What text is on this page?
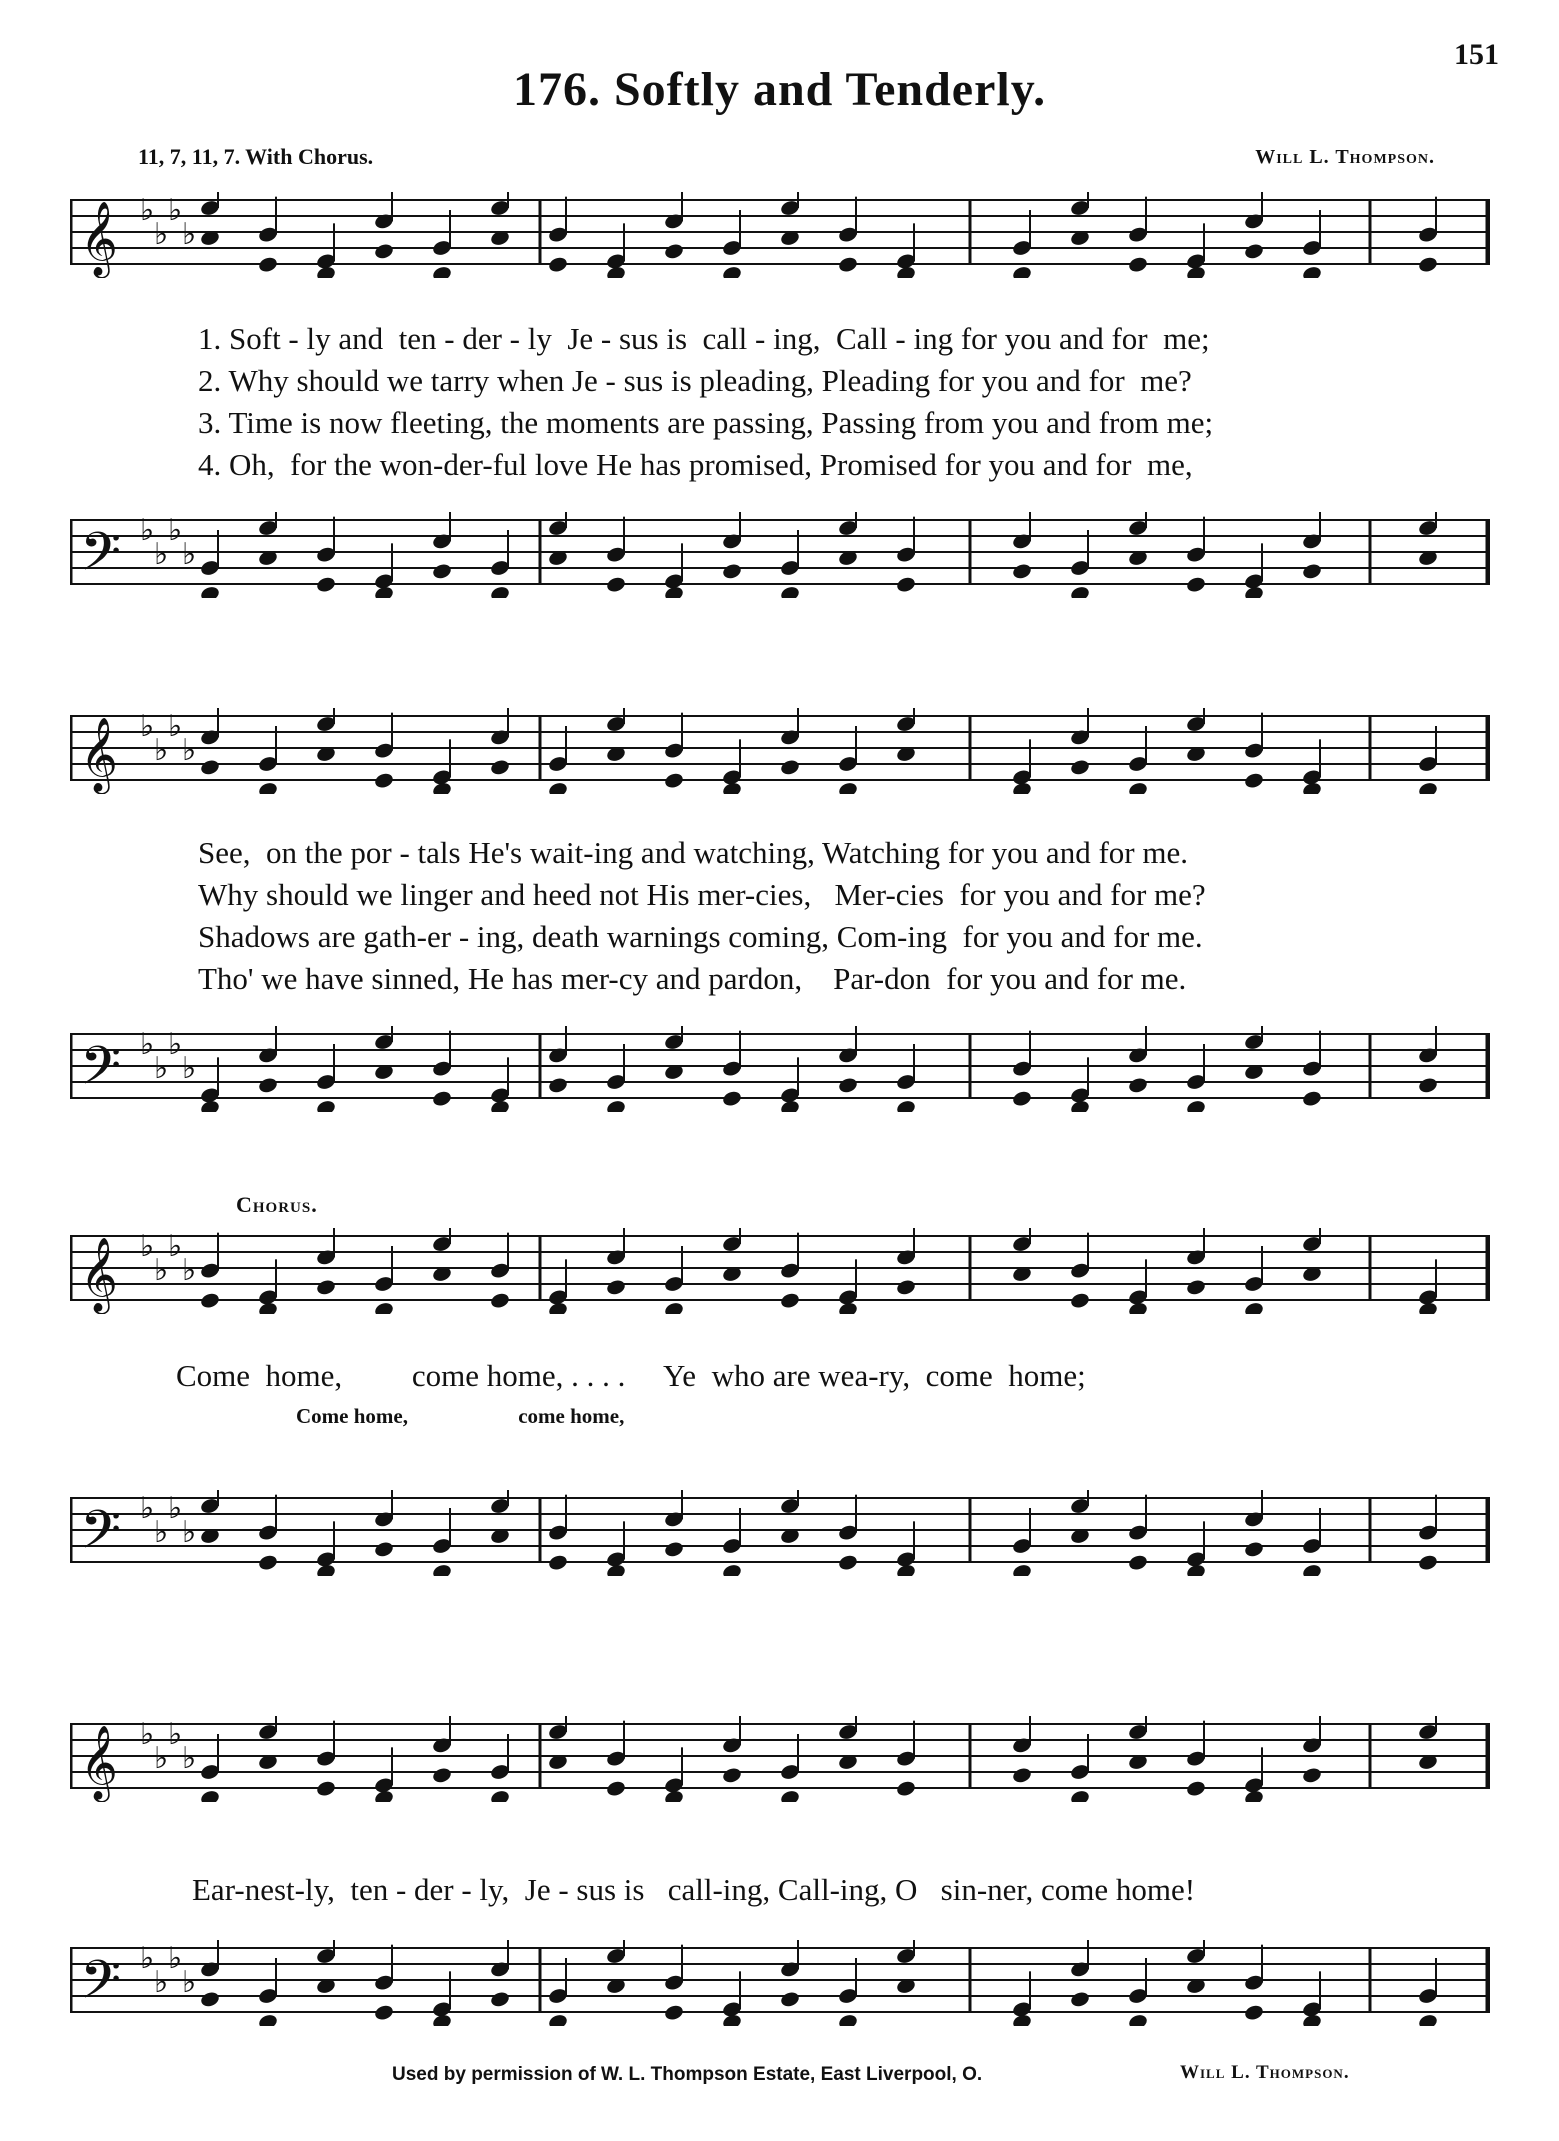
151
176. Softly and Tenderly.
11, 7, 11, 7. With Chorus.	Will L. Thompson.
𝄞 ♭
♭
♭
♭
1. Soft - ly and  ten - der - ly  Je - sus is  call - ing,  Call - ing for you and for  me;
2. Why should we tarry when Je - sus is pleading, Pleading for you and for  me?
3. Time is now fleeting, the moments are passing, Passing from you and from me;
4. Oh,  for the won-der-ful love He has promised, Promised for you and for  me,
𝄢 ♭
♭
♭
♭
𝄞 ♭
♭
♭
♭
See,  on the por - tals He's wait-ing and watching, Watching for you and for me.
Why should we linger and heed not His mer-cies,   Mer-cies  for you and for me?
Shadows are gath-er - ing, death warnings coming, Com-ing  for you and for me.
Tho' we have sinned, He has mer-cy and pardon,    Par-don  for you and for me.
𝄢 ♭
♭
♭
♭
Chorus.
𝄞 ♭
♭
♭
♭
Come  home,         come home, . . . .     Ye  who are wea-ry,  come  home;
Come home,                     come home,
𝄢 ♭
♭
♭
♭
𝄞 ♭
♭
♭
♭
Ear-nest-ly,  ten - der - ly,  Je - sus is   call-ing, Call-ing, O   sin-ner, come home!
𝄢 ♭
♭
♭
♭
Used by permission of W. L. Thompson Estate, East Liverpool, O.	Will L. Thompson.
